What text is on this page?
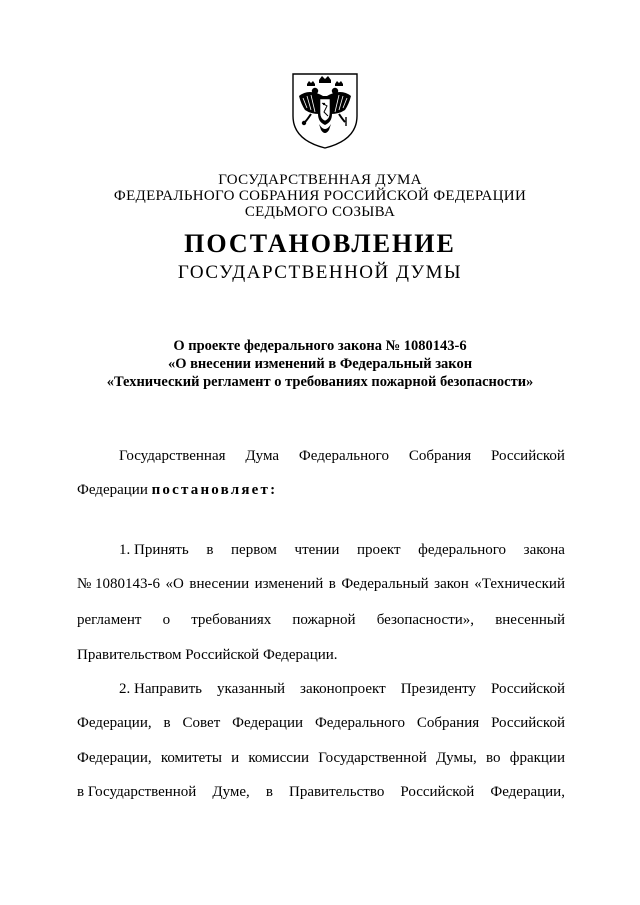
ГОСУДАРСТВЕННАЯ ДУМА
ФЕДЕРАЛЬНОГО СОБРАНИЯ РОССИЙСКОЙ ФЕДЕРАЦИИ
СЕДЬМОГО СОЗЫВА
ПОСТАНОВЛЕНИЕ
ГОСУДАРСТВЕННОЙ ДУМЫ
О проекте федерального закона № 1080143-6
«О внесении изменений в Федеральный закон
«Технический регламент о требованиях пожарной безопасности»
Государственная Дума Федерального Собрания Российской
Федерации постановляет:
1. Принять в первом чтении проект федерального закона
№ 1080143-6 «О внесении изменений в Федеральный закон «Технический
регламент о требованиях пожарной безопасности», внесенный
Правительством Российской Федерации.
2. Направить указанный законопроект Президенту Российской
Федерации, в Совет Федерации Федерального Собрания Российской
Федерации, комитеты и комиссии Государственной Думы, во фракции
в Государственной Думе, в Правительство Российской Федерации,
